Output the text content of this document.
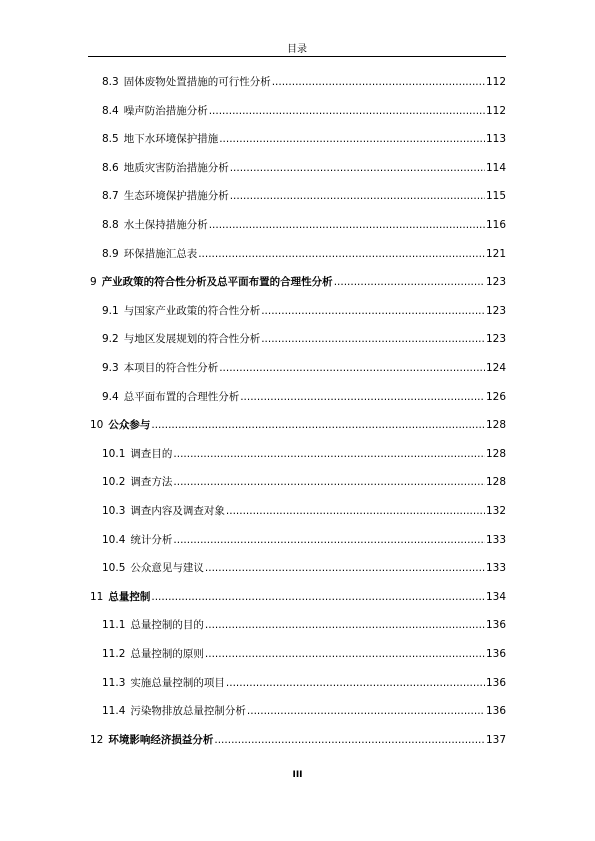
目录
8.3 固体废物处置措施的可行性分析 .....	112
8.4 噪声防治措施分析 .....	112
8.5 地下水环境保护措施 .....	113
8.6 地质灾害防治措施分析 .....	114
8.7 生态环境保护措施分析 .....	115
8.8 水土保持措施分析 .....	116
8.9 环保措施汇总表 .....	121
9 产业政策的符合性分析及总平面布置的合理性分析 .....	123
9.1 与国家产业政策的符合性分析 .....	123
9.2 与地区发展规划的符合性分析 .....	123
9.3 本项目的符合性分析 .....	124
9.4 总平面布置的合理性分析 .....	126
10 公众参与 .....	128
10.1 调查目的 .....	128
10.2 调查方法 .....	128
10.3 调查内容及调查对象 .....	132
10.4 统计分析 .....	133
10.5 公众意见与建议 .....	133
11 总量控制 .....	134
11.1 总量控制的目的 .....	136
11.2 总量控制的原则 .....	136
11.3 实施总量控制的项目 .....	136
11.4 污染物排放总量控制分析 .....	136
12 环境影响经济损益分析 .....	137
III
